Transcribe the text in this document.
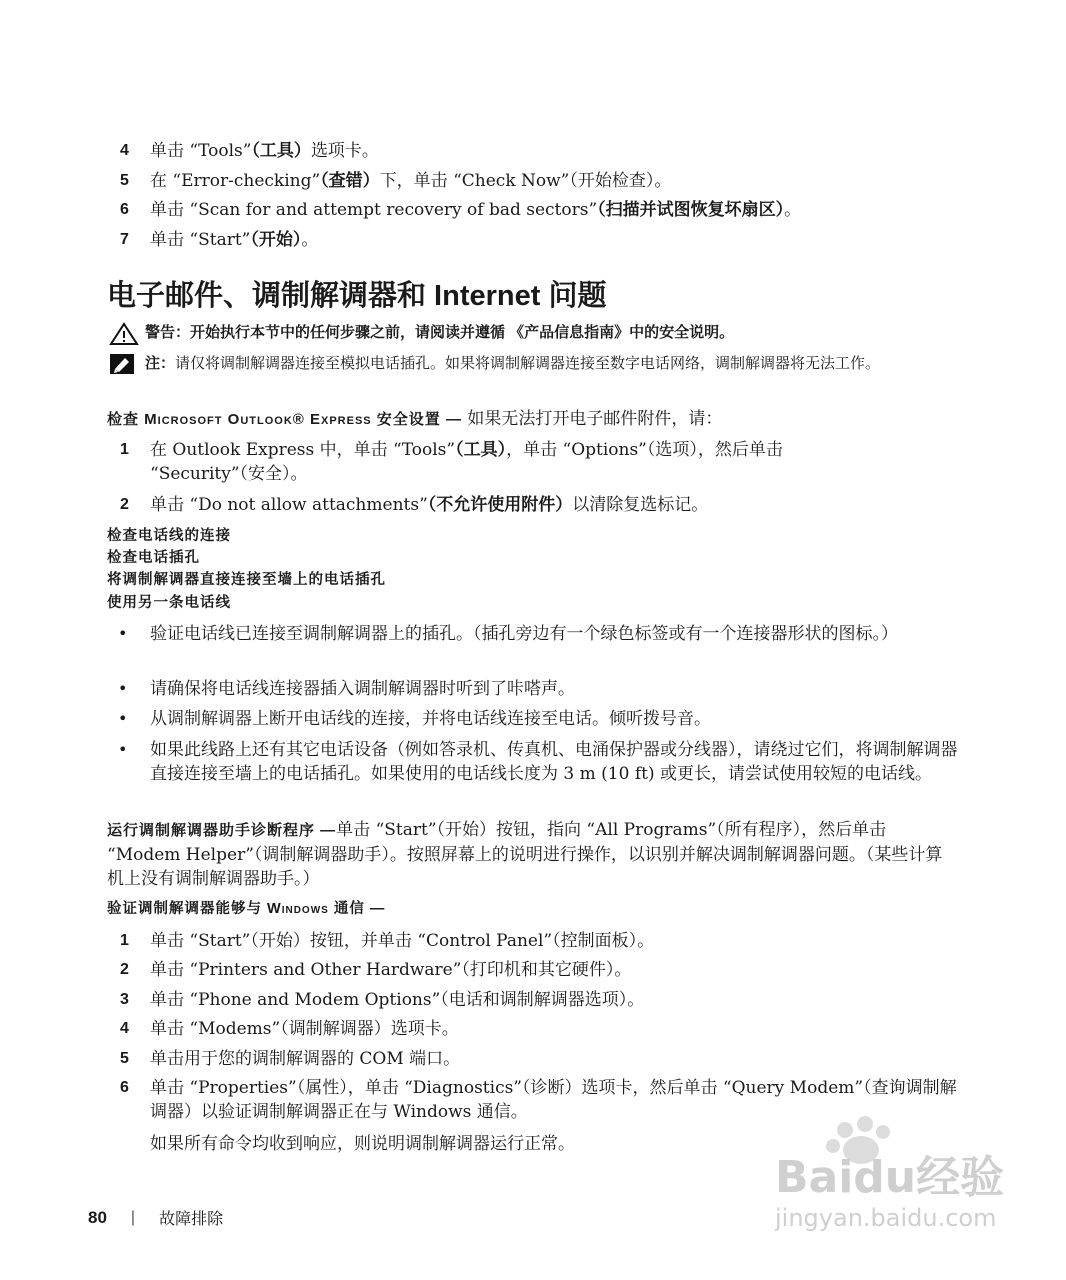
4	单击 “Tools”（工具）选项卡。
5	在 “Error-checking”（查错）下，单击 “Check Now”（开始检查）。
6	单击 “Scan for and attempt recovery of bad sectors”（扫描并试图恢复坏扇区）。
7	单击 “Start”（开始）。
电子邮件、调制解调器和 Internet 问题
警告：开始执行本节中的任何步骤之前，请阅读并遵循 《产品信息指南》中的安全说明。
注：请仅将调制解调器连接至模拟电话插孔。如果将调制解调器连接至数字电话网络，调制解调器将无法工作。
检查 Microsoft Outlook® Express 安全设置 — 如果无法打开电子邮件附件，请：
1	在 Outlook Express 中，单击 “Tools”（工具），单击 “Options”（选项），然后单击 “Security”（安全）。
2	单击 “Do not allow attachments”（不允许使用附件）以清除复选标记。
检查电话线的连接
检查电话插孔
将调制解调器直接连接至墙上的电话插孔
使用另一条电话线
•	验证电话线已连接至调制解调器上的插孔。（插孔旁边有一个绿色标签或有一个连接器形状的图标。）
•	请确保将电话线连接器插入调制解调器时听到了咔嗒声。
•	从调制解调器上断开电话线的连接，并将电话线连接至电话。倾听拨号音。
•	如果此线路上还有其它电话设备（例如答录机、传真机、电涌保护器或分线器），请绕过它们，将调制解调器直接连接至墙上的电话插孔。如果使用的电话线长度为 3 m (10 ft) 或更长，请尝试使用较短的电话线。
运行调制解调器助手诊断程序 —单击 “Start”（开始）按钮，指向 “All Programs”（所有程序），然后单击 “Modem Helper”（调制解调器助手）。按照屏幕上的说明进行操作，以识别并解决调制解调器问题。（某些计算机上没有调制解调器助手。）
验证调制解调器能够与 Windows 通信 —
1	单击 “Start”（开始）按钮，并单击 “Control Panel”（控制面板）。
2	单击 “Printers and Other Hardware”（打印机和其它硬件）。
3	单击 “Phone and Modem Options”（电话和调制解调器选项）。
4	单击 “Modems”（调制解调器）选项卡。
5	单击用于您的调制解调器的 COM 端口。
6	单击 “Properties”（属性），单击 “Diagnostics”（诊断）选项卡，然后单击 “Query Modem”（查询调制解调器）以验证调制解调器正在与 Windows 通信。
如果所有命令均收到响应，则说明调制解调器运行正常。
80 | 故障排除
Baidu经验
jingyan.baidu.com
